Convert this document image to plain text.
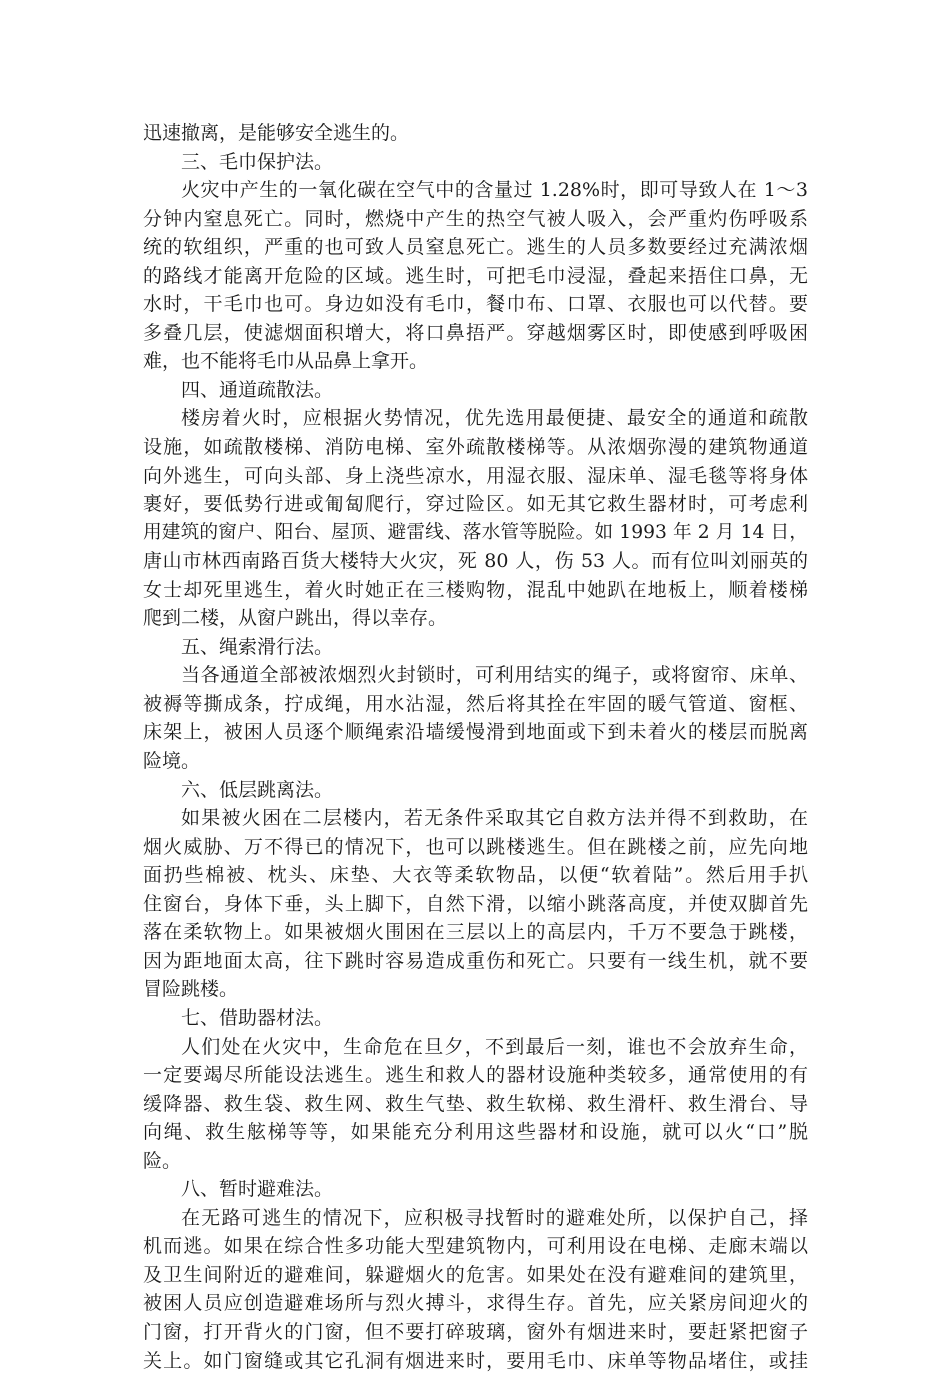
迅速撤离，是能够安全逃生的。
三、毛巾保护法。
火灾中产生的一氧化碳在空气中的含量过 1.28%时，即可导致人在 1～3
分钟内窒息死亡。同时，燃烧中产生的热空气被人吸入，会严重灼伤呼吸系
统的软组织，严重的也可致人员窒息死亡。逃生的人员多数要经过充满浓烟
的路线才能离开危险的区域。逃生时，可把毛巾浸湿，叠起来捂住口鼻，无
水时，干毛巾也可。身边如没有毛巾，餐巾布、口罩、衣服也可以代替。要
多叠几层，使滤烟面积增大，将口鼻捂严。穿越烟雾区时，即使感到呼吸困
难，也不能将毛巾从品鼻上拿开。
四、通道疏散法。
楼房着火时，应根据火势情况，优先选用最便捷、最安全的通道和疏散
设施，如疏散楼梯、消防电梯、室外疏散楼梯等。从浓烟弥漫的建筑物通道
向外逃生，可向头部、身上浇些凉水，用湿衣服、湿床单、湿毛毯等将身体
裹好，要低势行进或匍匐爬行，穿过险区。如无其它救生器材时，可考虑利
用建筑的窗户、阳台、屋顶、避雷线、落水管等脱险。如 1993 年 2 月 14 日，
唐山市林西南路百货大楼特大火灾，死 80 人，伤 53 人。而有位叫刘丽英的
女士却死里逃生，着火时她正在三楼购物，混乱中她趴在地板上，顺着楼梯
爬到二楼，从窗户跳出，得以幸存。
五、绳索滑行法。
当各通道全部被浓烟烈火封锁时，可利用结实的绳子，或将窗帘、床单、
被褥等撕成条，拧成绳，用水沾湿，然后将其拴在牢固的暖气管道、窗框、
床架上，被困人员逐个顺绳索沿墙缓慢滑到地面或下到未着火的楼层而脱离
险境。
六、低层跳离法。
如果被火困在二层楼内，若无条件采取其它自救方法并得不到救助，在
烟火威胁、万不得已的情况下，也可以跳楼逃生。但在跳楼之前，应先向地
面扔些棉被、枕头、床垫、大衣等柔软物品，以便“软着陆”。然后用手扒
住窗台，身体下垂，头上脚下，自然下滑，以缩小跳落高度，并使双脚首先
落在柔软物上。如果被烟火围困在三层以上的高层内，千万不要急于跳楼，
因为距地面太高，往下跳时容易造成重伤和死亡。只要有一线生机，就不要
冒险跳楼。
七、借助器材法。
人们处在火灾中，生命危在旦夕，不到最后一刻，谁也不会放弃生命，
一定要竭尽所能设法逃生。逃生和救人的器材设施种类较多，通常使用的有
缓降器、救生袋、救生网、救生气垫、救生软梯、救生滑杆、救生滑台、导
向绳、救生舷梯等等，如果能充分利用这些器材和设施，就可以火“口”脱
险。
八、暂时避难法。
在无路可逃生的情况下，应积极寻找暂时的避难处所，以保护自己，择
机而逃。如果在综合性多功能大型建筑物内，可利用设在电梯、走廊末端以
及卫生间附近的避难间，躲避烟火的危害。如果处在没有避难间的建筑里，
被困人员应创造避难场所与烈火搏斗，求得生存。首先，应关紧房间迎火的
门窗，打开背火的门窗，但不要打碎玻璃，窗外有烟进来时，要赶紧把窗子
关上。如门窗缝或其它孔洞有烟进来时，要用毛巾、床单等物品堵住，或挂
